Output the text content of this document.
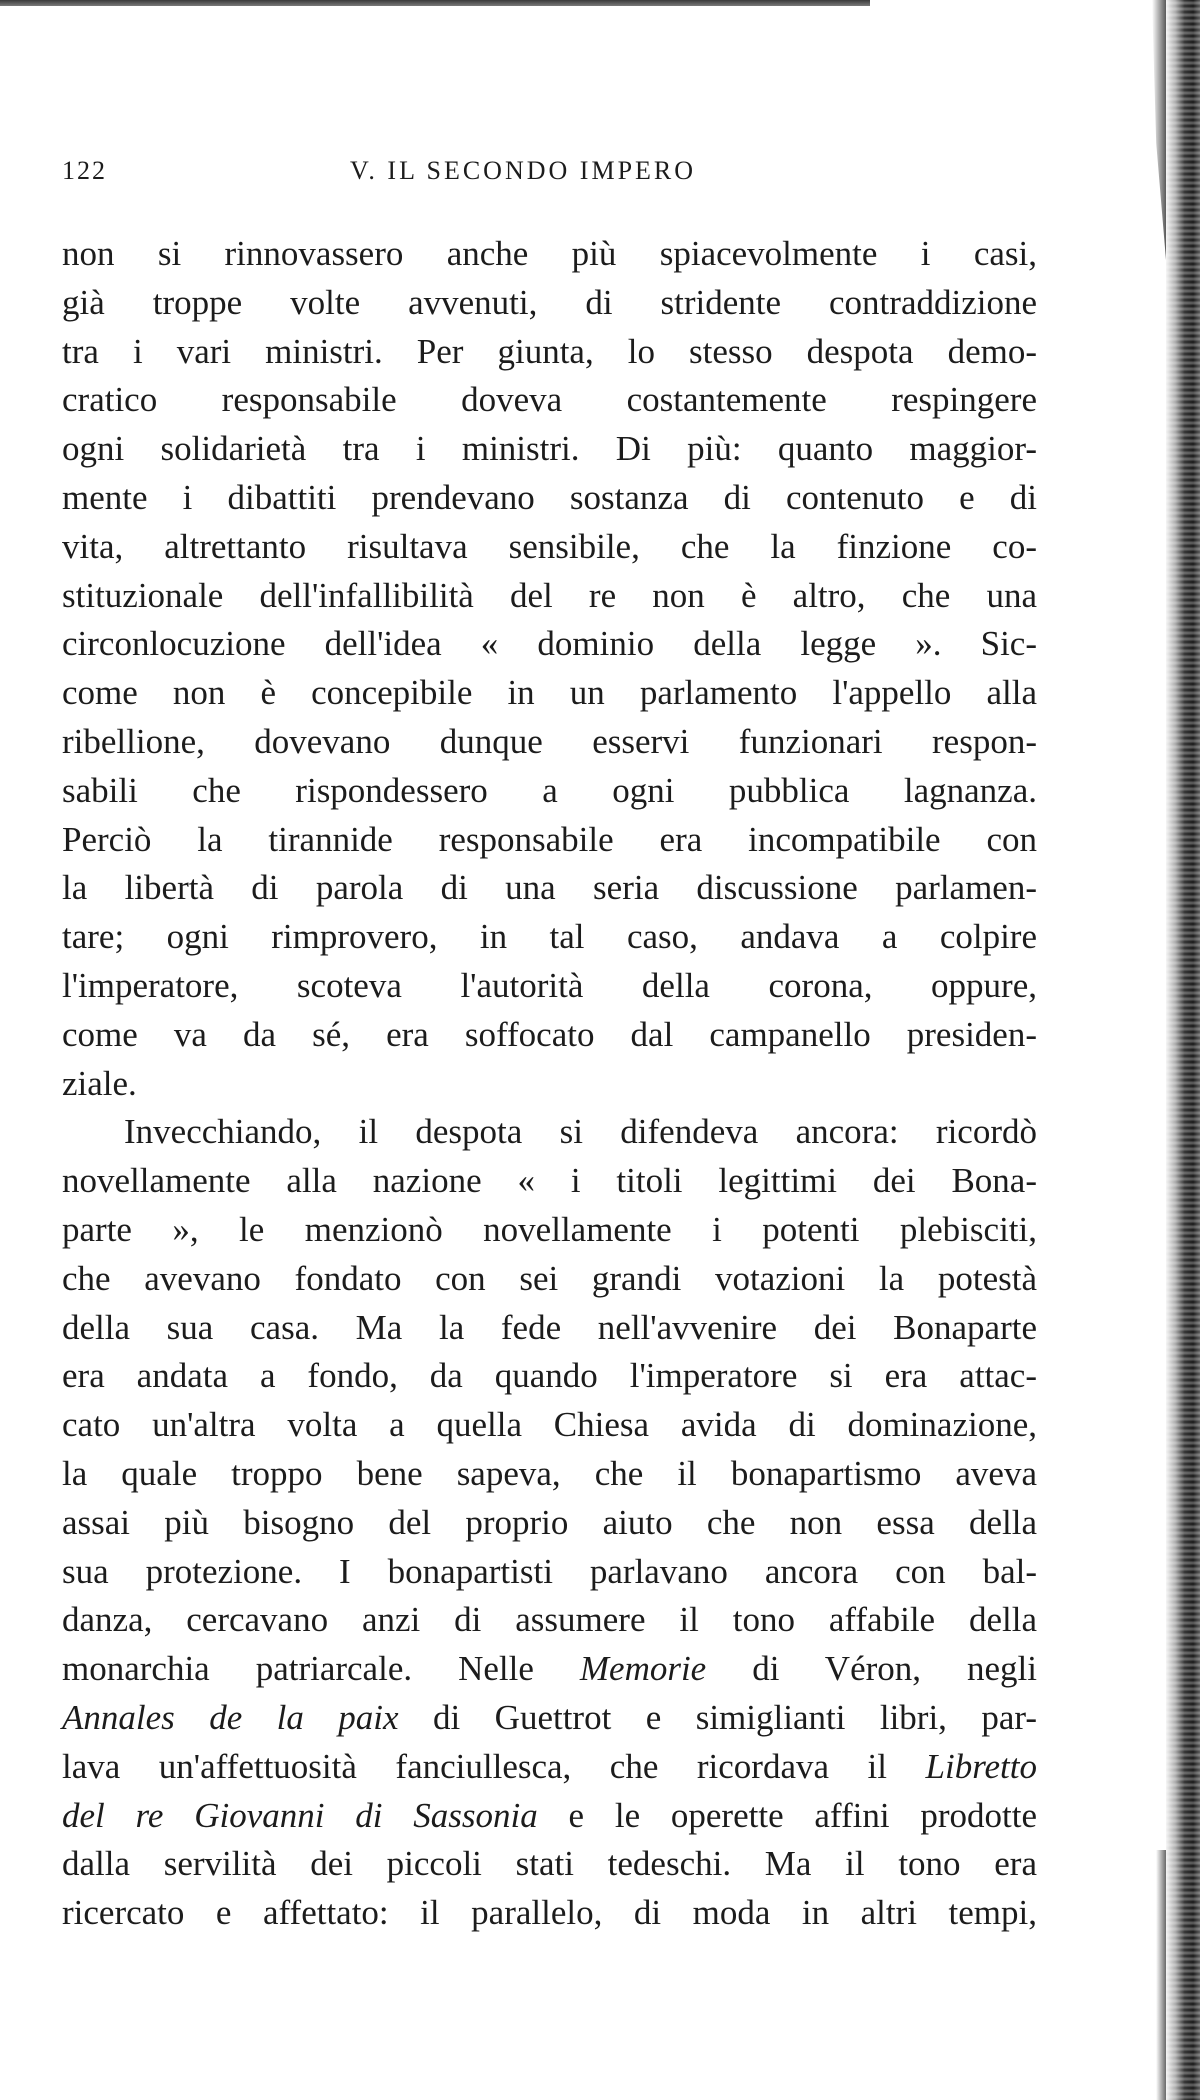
122	V. IL SECONDO IMPERO
non si rinnovassero anche più spiacevolmente i casi,
già troppe volte avvenuti, di stridente contraddizione
tra i vari ministri. Per giunta, lo stesso despota demo-
cratico responsabile doveva costantemente respingere
ogni solidarietà tra i ministri. Di più: quanto maggior-
mente i dibattiti prendevano sostanza di contenuto e di
vita, altrettanto risultava sensibile, che la finzione co-
stituzionale dell'infallibilità del re non è altro, che una
circonlocuzione dell'idea « dominio della legge ». Sic-
come non è concepibile in un parlamento l'appello alla
ribellione, dovevano dunque esservi funzionari respon-
sabili che rispondessero a ogni pubblica lagnanza.
Perciò la tirannide responsabile era incompatibile con
la libertà di parola di una seria discussione parlamen-
tare; ogni rimprovero, in tal caso, andava a colpire
l'imperatore, scoteva l'autorità della corona, oppure,
come va da sé, era soffocato dal campanello presiden-
ziale.
Invecchiando, il despota si difendeva ancora: ricordò
novellamente alla nazione « i titoli legittimi dei Bona-
parte », le menzionò novellamente i potenti plebisciti,
che avevano fondato con sei grandi votazioni la potestà
della sua casa. Ma la fede nell'avvenire dei Bonaparte
era andata a fondo, da quando l'imperatore si era attac-
cato un'altra volta a quella Chiesa avida di dominazione,
la quale troppo bene sapeva, che il bonapartismo aveva
assai più bisogno del proprio aiuto che non essa della
sua protezione. I bonapartisti parlavano ancora con bal-
danza, cercavano anzi di assumere il tono affabile della
monarchia patriarcale. Nelle Memorie di Véron, negli
Annales de la paix di Guettrot e simiglianti libri, par-
lava un'affettuosità fanciullesca, che ricordava il Libretto
del re Giovanni di Sassonia e le operette affini prodotte
dalla servilità dei piccoli stati tedeschi. Ma il tono era
ricercato e affettato: il parallelo, di moda in altri tempi,
